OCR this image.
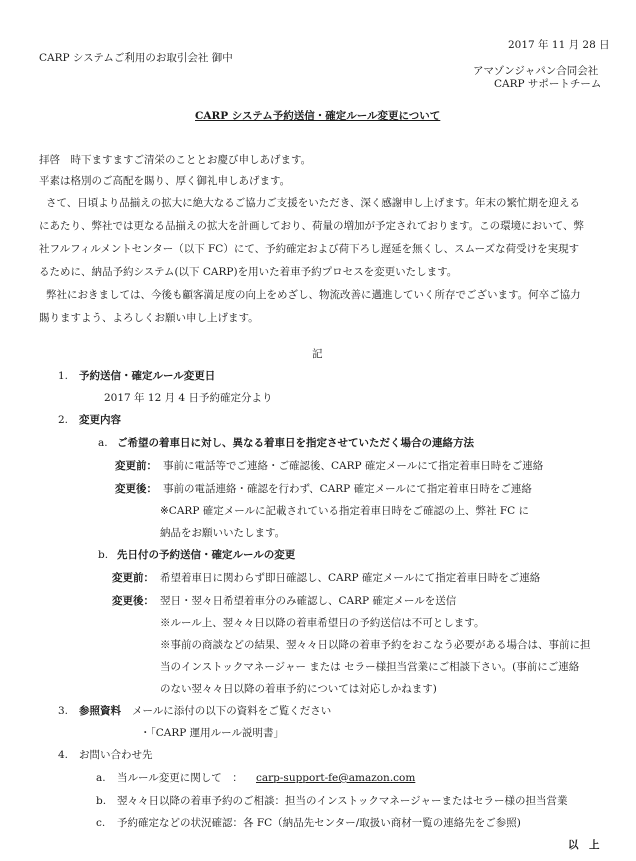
2017 年 11 月 28 日
CARP システムご利用のお取引会社 御中
アマゾンジャパン合同会社
CARP サポートチーム
CARP システム予約送信・確定ルール変更について
拝啓　時下ますますご清栄のこととお慶び申しあげます。
平素は格別のご高配を賜り、厚く御礼申しあげます。
さて、日頃より品揃えの拡大に絶大なるご協力ご支援をいただき、深く感謝申し上げます。年末の繁忙期を迎える
にあたり、弊社では更なる品揃えの拡大を計画しており、荷量の増加が予定されております。この環境において、弊
社フルフィルメントセンター（以下 FC）にて、予約確定および荷下ろし遅延を無くし、スムーズな荷受けを実現す
るために、納品予約システム(以下 CARP)を用いた着車予約プロセスを変更いたします。
弊社におきましては、今後も顧客満足度の向上をめざし、物流改善に邁進していく所存でございます。何卒ご協力
賜りますよう、よろしくお願い申し上げます。
記
1. 予約送信・確定ルール変更日
2017 年 12 月 4 日予約確定分より
2. 変更内容
a. ご希望の着車日に対し、異なる着車日を指定させていただく場合の連絡方法
変更前： 事前に電話等でご連絡・ご確認後、CARP 確定メールにて指定着車日時をご連絡
変更後： 事前の電話連絡・確認を行わず、CARP 確定メールにて指定着車日時をご連絡
※CARP 確定メールに記載されている指定着車日時をご確認の上、弊社 FC に
納品をお願いいたします。
b. 先日付の予約送信・確定ルールの変更
変更前： 希望着車日に関わらず即日確認し、CARP 確定メールにて指定着車日時をご連絡
変更後： 翌日・翌々日希望着車分のみ確認し、CARP 確定メールを送信
※ルール上、翌々々日以降の着車希望日の予約送信は不可とします。
※事前の商談などの結果、翌々々日以降の着車予約をおこなう必要がある場合は、事前に担
当のインストックマネージャー または セラー様担当営業にご相談下さい。(事前にご連絡
のない翌々々日以降の着車予約については対応しかねます)
3. 参照資料 メールに添付の以下の資料をご覧ください
・「CARP 運用ルール説明書」
4. お問い合わせ先
a. 当ルール変更に関して　： carp-support-fe@amazon.com
b. 翌々々日以降の着車予約のご相談：担当のインストックマネージャーまたはセラー様の担当営業
c. 予約確定などの状況確認：各 FC（納品先センター/取扱い商材一覧の連絡先をご参照)
以　上
